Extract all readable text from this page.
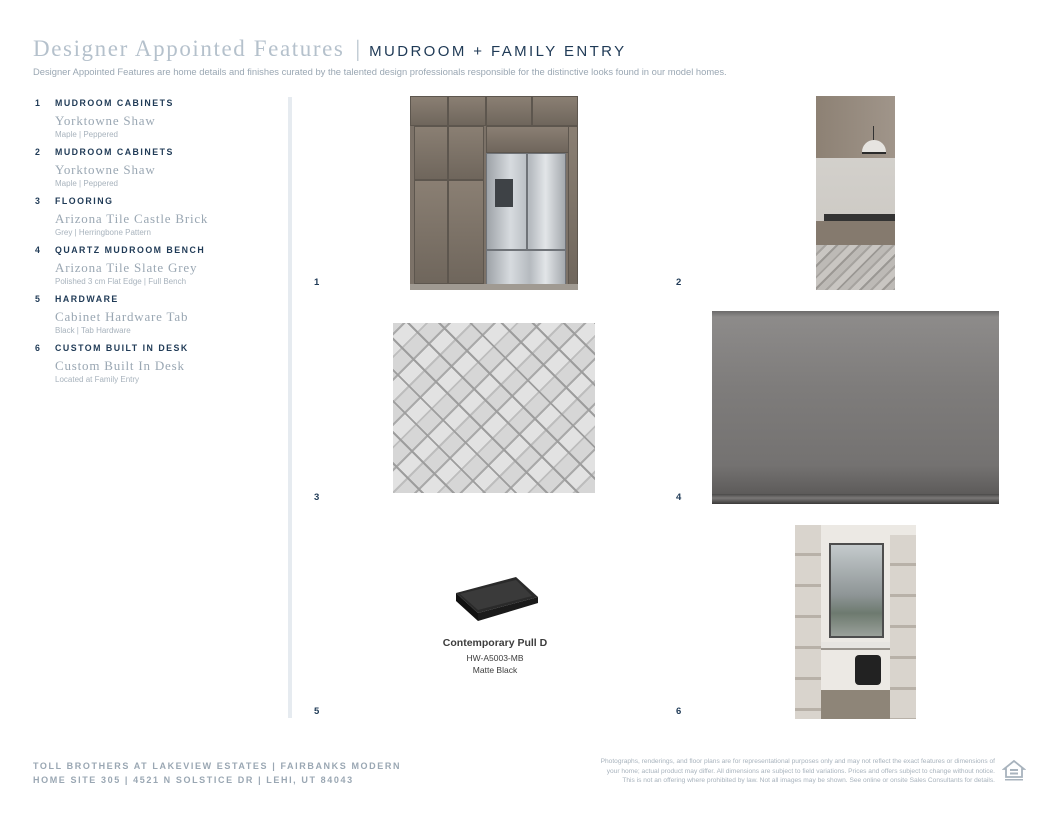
Designer Appointed Features | MUDROOM + FAMILY ENTRY
Designer Appointed Features are home details and finishes curated by the talented design professionals responsible for the distinctive looks found in our model homes.
1	MUDROOM CABINETS
Yorktowne Shaw
Maple | Peppered
2	MUDROOM CABINETS
Yorktowne Shaw
Maple | Peppered
3	FLOORING
Arizona Tile Castle Brick
Grey | Herringbone Pattern
4	QUARTZ MUDROOM BENCH
Arizona Tile Slate Grey
Polished 3 cm Flat Edge | Full Bench
5	HARDWARE
Cabinet Hardware Tab
Black | Tab Hardware
6	CUSTOM BUILT IN DESK
Custom Built In Desk
Located at Family Entry
1	2
3	4
Contemporary Pull D
HW-A5003-MB
Matte Black
5	6
TOLL BROTHERS AT LAKEVIEW ESTATES | FAIRBANKS MODERN
HOME SITE 305 | 4521 N SOLSTICE DR | LEHI, UT 84043
Photographs, renderings, and floor plans are for representational purposes only and may not reflect the exact features or dimensions of
your home; actual product may differ. All dimensions are subject to field variations. Prices and offers subject to change without notice.
This is not an offering where prohibited by law. Not all images may be shown. See online or onsite Sales Consultants for details.
